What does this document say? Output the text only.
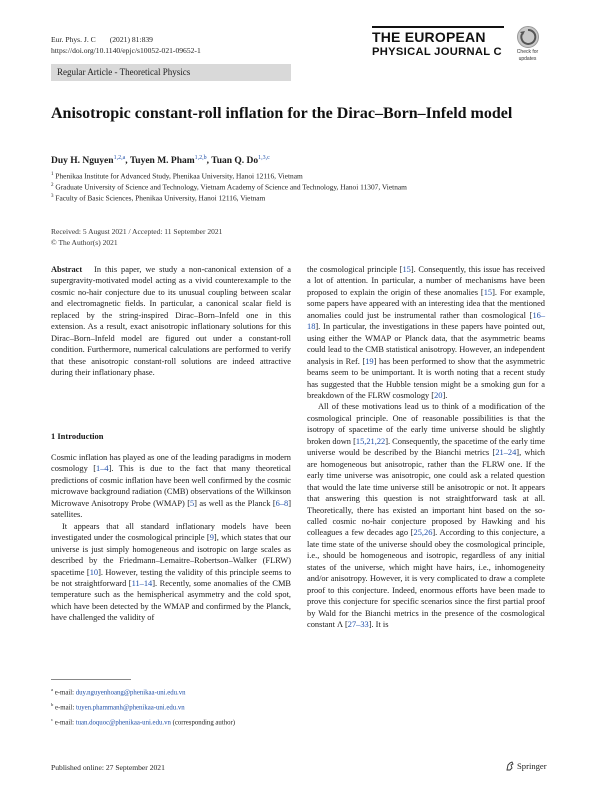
Eur. Phys. J. C (2021) 81:839
https://doi.org/10.1140/epjc/s10052-021-09652-1
THE EUROPEAN
PHYSICAL JOURNAL C	Check for
updates
Regular Article - Theoretical Physics
Anisotropic constant-roll inflation for the Dirac–Born–Infeld model
Duy H. Nguyen$^{1,2,a}$, Tuyen M. Pham$^{1,2,b}$, Tuan Q. Do$^{1,3,c}$
$^1$ Phenikaa Institute for Advanced Study, Phenikaa University, Hanoi 12116, Vietnam
$^2$ Graduate University of Science and Technology, Vietnam Academy of Science and Technology, Hanoi 11307, Vietnam
$^3$ Faculty of Basic Sciences, Phenikaa University, Hanoi 12116, Vietnam
Received: 5 August 2021 / Accepted: 11 September 2021
© The Author(s) 2021

Abstract In this paper, we study a non-canonical extension of a supergravity-motivated model acting as a vivid counterexample to the cosmic no-hair conjecture due to its unusual coupling between scalar and electromagnetic fields. In particular, a canonical scalar field is replaced by the string-inspired Dirac–Born–Infeld one in this extension. As a result, exact anisotropic inflationary solutions for this Dirac–Born–Infeld model are figured out under a constant-roll condition. Furthermore, numerical calculations are performed to verify that these anisotropic constant-roll solutions are indeed attractive during their inflationary phase.

1 Introduction

Cosmic inflation has played as one of the leading paradigms in modern cosmology [1–4]. This is due to the fact that many theoretical predictions of cosmic inflation have been well confirmed by the cosmic microwave background radiation (CMB) observations of the Wilkinson Microwave Anisotropy Probe (WMAP) [5] as well as the Planck [6–8] satellites.

It appears that all standard inflationary models have been investigated under the cosmological principle [9], which states that our universe is just simply homogeneous and isotropic on large scales as described by the Friedmann–Lemaitre–Robertson–Walker (FLRW) spacetime [10]. However, testing the validity of this principle seems to be not straightforward [11–14]. Recently, some anomalies of the CMB temperature such as the hemispherical asymmetry and the cold spot, which have been detected by the WMAP and confirmed by the Planck, have challenged the validity of

the cosmological principle [15]. Consequently, this issue has received a lot of attention. In particular, a number of mechanisms have been proposed to explain the origin of these anomalies [15]. For example, some papers have appeared with an interesting idea that the mentioned anomalies could just be instrumental rather than cosmological [16–18]. In particular, the investigations in these papers have pointed out, using either the WMAP or Planck data, that the asymmetric beams could lead to the CMB statistical anisotropy. However, an independent analysis in Ref. [19] has been performed to show that the asymmetric beams seem to be unimportant. It is worth noting that a recent study has suggested that the Hubble tension might be a smoking gun for a breakdown of the FLRW cosmology [20].

All of these motivations lead us to think of a modification of the cosmological principle. One of reasonable possibilities is that the isotropy of spacetime of the early time universe should be slightly broken down [15,21,22]. Consequently, the spacetime of the early time universe would be described by the Bianchi metrics [21–24], which are homogeneous but anisotropic, rather than the FLRW one. If the early time universe was anisotropic, one could ask a related question that would the late time universe still be anisotropic or not. It appears that answering this question is not straightforward task at all. Theoretically, there has existed an important hint based on the so-called cosmic no-hair conjecture proposed by Hawking and his colleagues a few decades ago [25,26]. According to this conjecture, a late time state of the universe should obey the cosmological principle, i.e., should be homogeneous and isotropic, regardless of any initial states of the universe, which might have hairs, i.e., inhomogeneity and/or anisotropy. However, it is very complicated to draw a complete proof to this conjecture. Indeed, enormous efforts have been made to prove this conjecture for specific scenarios since the first partial proof by Wald for the Bianchi metrics in the presence of the cosmological constant Λ [27–33]. It is

$^a$ e-mail: duy.nguyenhoang@phenikaa-uni.edu.vn
$^b$ e-mail: tuyen.phammanh@phenikaa-uni.edu.vn
$^c$ e-mail: tuan.doquoc@phenikaa-uni.edu.vn (corresponding author)
Published online: 27 September 2021	Springer
